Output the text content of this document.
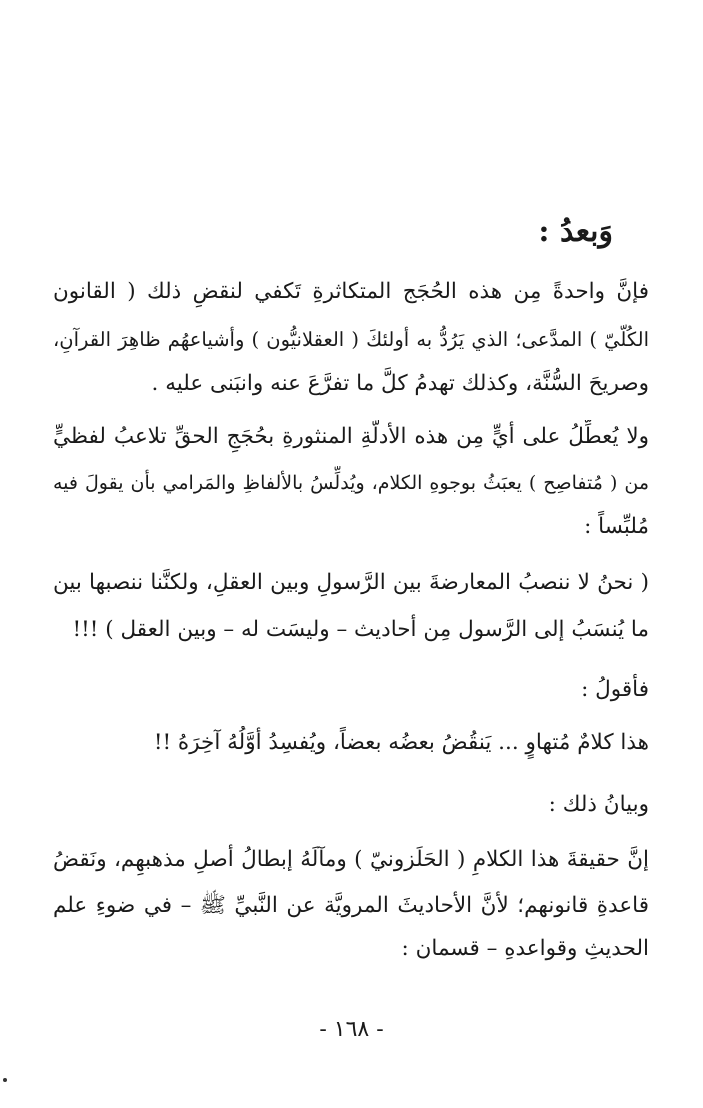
وَبعدُ :
فإنَّ واحدةً مِن هذه الحُجَج المتكاثرةِ تَكفي لنقضِ ذلك ( القانون
الكُلّيّ ) المدَّعى؛ الذي يَرُدُّ به أولئكَ ( العقلانيُّون ) وأشياعهُم ظاهِرَ القرآنِ،
وصريحَ السُّنَّة، وكذلك تهدمُ كلَّ ما تفرَّعَ عنه وانبَنى عليه .
ولا يُعطِّلُ على أيٍّ مِن هذه الأدلَّةِ المنثورةِ بحُجَجِ الحقِّ تلاعبُ لفظيٍّ
من ( مُتفاصِح ) يعبَثُ بوجوهِ الكلام، ويُدلِّسُ بالألفاظِ والمَرامي بأن يقولَ فيه
مُلبِّساً :
( نحنُ لا ننصبُ المعارضةَ بين الرَّسولِ وبين العقلِ، ولكنَّنا ننصبها بين
ما يُنسَبُ إلى الرَّسول مِن أحاديث – وليسَت له – وبين العقل ) !!!
فأقولُ :
هذا كلامٌ مُتهاوٍ ... يَنقُضُ بعضُه بعضاً، ويُفسِدُ أوَّلُهُ آخِرَهُ !!
وبيانُ ذلك :
إنَّ حقيقةَ هذا الكلامِ ( الحَلَزونيّ ) ومآلَهُ إبطالُ أصلِ مذهبهِم، ونَقضُ
قاعدةِ قانونهم؛ لأنَّ الأحاديثَ المرويَّة عن النَّبيِّ ﷺ – في ضوءِ علم
الحديثِ وقواعدهِ – قسمان :
- ١٦٨ -
